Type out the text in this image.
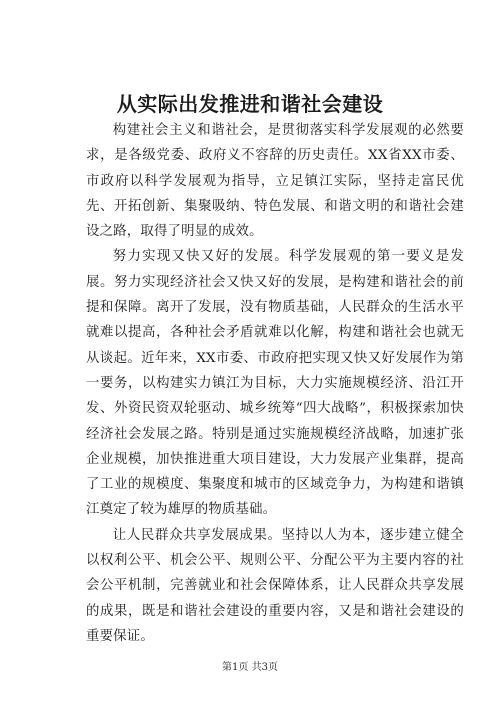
从实际出发推进和谐社会建设

构建社会主义和谐社会，是贯彻落实科学发展观的必然要求，是各级党委、政府义不容辞的历史责任。XX省XX市委、市政府以科学发展观为指导，立足镇江实际，坚持走富民优先、开拓创新、集聚吸纳、特色发展、和谐文明的和谐社会建设之路，取得了明显的成效。

努力实现又快又好的发展。科学发展观的第一要义是发展。努力实现经济社会又快又好的发展，是构建和谐社会的前提和保障。离开了发展，没有物质基础，人民群众的生活水平就难以提高，各种社会矛盾就难以化解，构建和谐社会也就无从谈起。近年来，XX市委、市政府把实现又快又好发展作为第一要务，以构建实力镇江为目标，大力实施规模经济、沿江开发、外资民资双轮驱动、城乡统筹“四大战略”，积极探索加快经济社会发展之路。特别是通过实施规模经济战略，加速扩张企业规模，加快推进重大项目建设，大力发展产业集群，提高了工业的规模度、集聚度和城市的区域竞争力，为构建和谐镇江奠定了较为雄厚的物质基础。

让人民群众共享发展成果。坚持以人为本，逐步建立健全以权利公平、机会公平、规则公平、分配公平为主要内容的社会公平机制，完善就业和社会保障体系，让人民群众共享发展的成果，既是和谐社会建设的重要内容，又是和谐社会建设的重要保证。

第1页 共3页
